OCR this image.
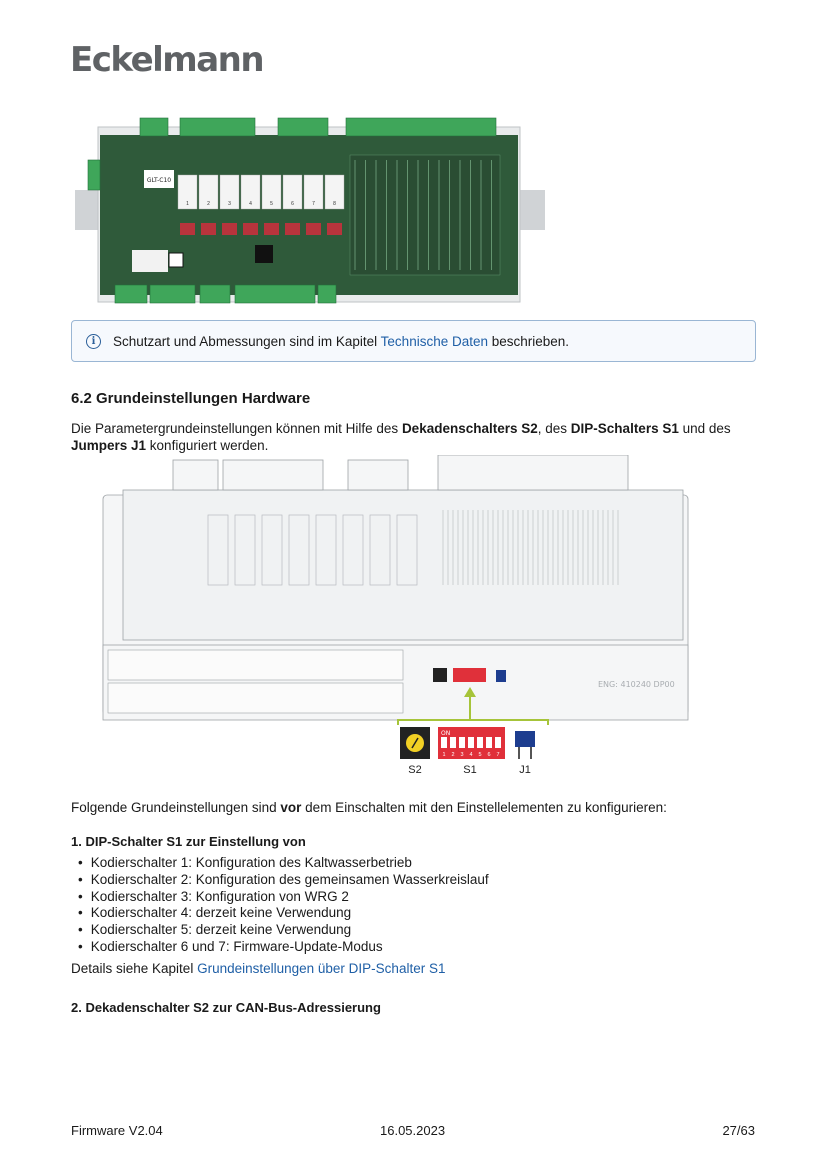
Eckelmann
GLT-C10
1	2	3	4	5	6	7	8
i	Schutzart und Abmessungen sind im Kapitel Technische Daten beschrieben.
6.2 Grundeinstellungen Hardware

Die Parametergrundeinstellungen können mit Hilfe des Dekadenschalters S2, des DIP-Schalters S1 und des Jumpers J1 konfiguriert werden.

ENG: 410240 DP00
ON
1 2 3 4 5 6 7
S2	S1	J1

Folgende Grundeinstellungen sind vor dem Einschalten mit den Einstellelementen zu konfigurieren:

1. DIP-Schalter S1 zur Einstellung von

• Kodierschalter 1: Konfiguration des Kaltwasserbetrieb
• Kodierschalter 2: Konfiguration des gemeinsamen Wasserkreislauf
• Kodierschalter 3: Konfiguration von WRG 2
• Kodierschalter 4: derzeit keine Verwendung
• Kodierschalter 5: derzeit keine Verwendung
• Kodierschalter 6 und 7: Firmware-Update-Modus

Details siehe Kapitel Grundeinstellungen über DIP-Schalter S1

2. Dekadenschalter S2 zur CAN-Bus-Adressierung

Firmware V2.04	16.05.2023	27/63
